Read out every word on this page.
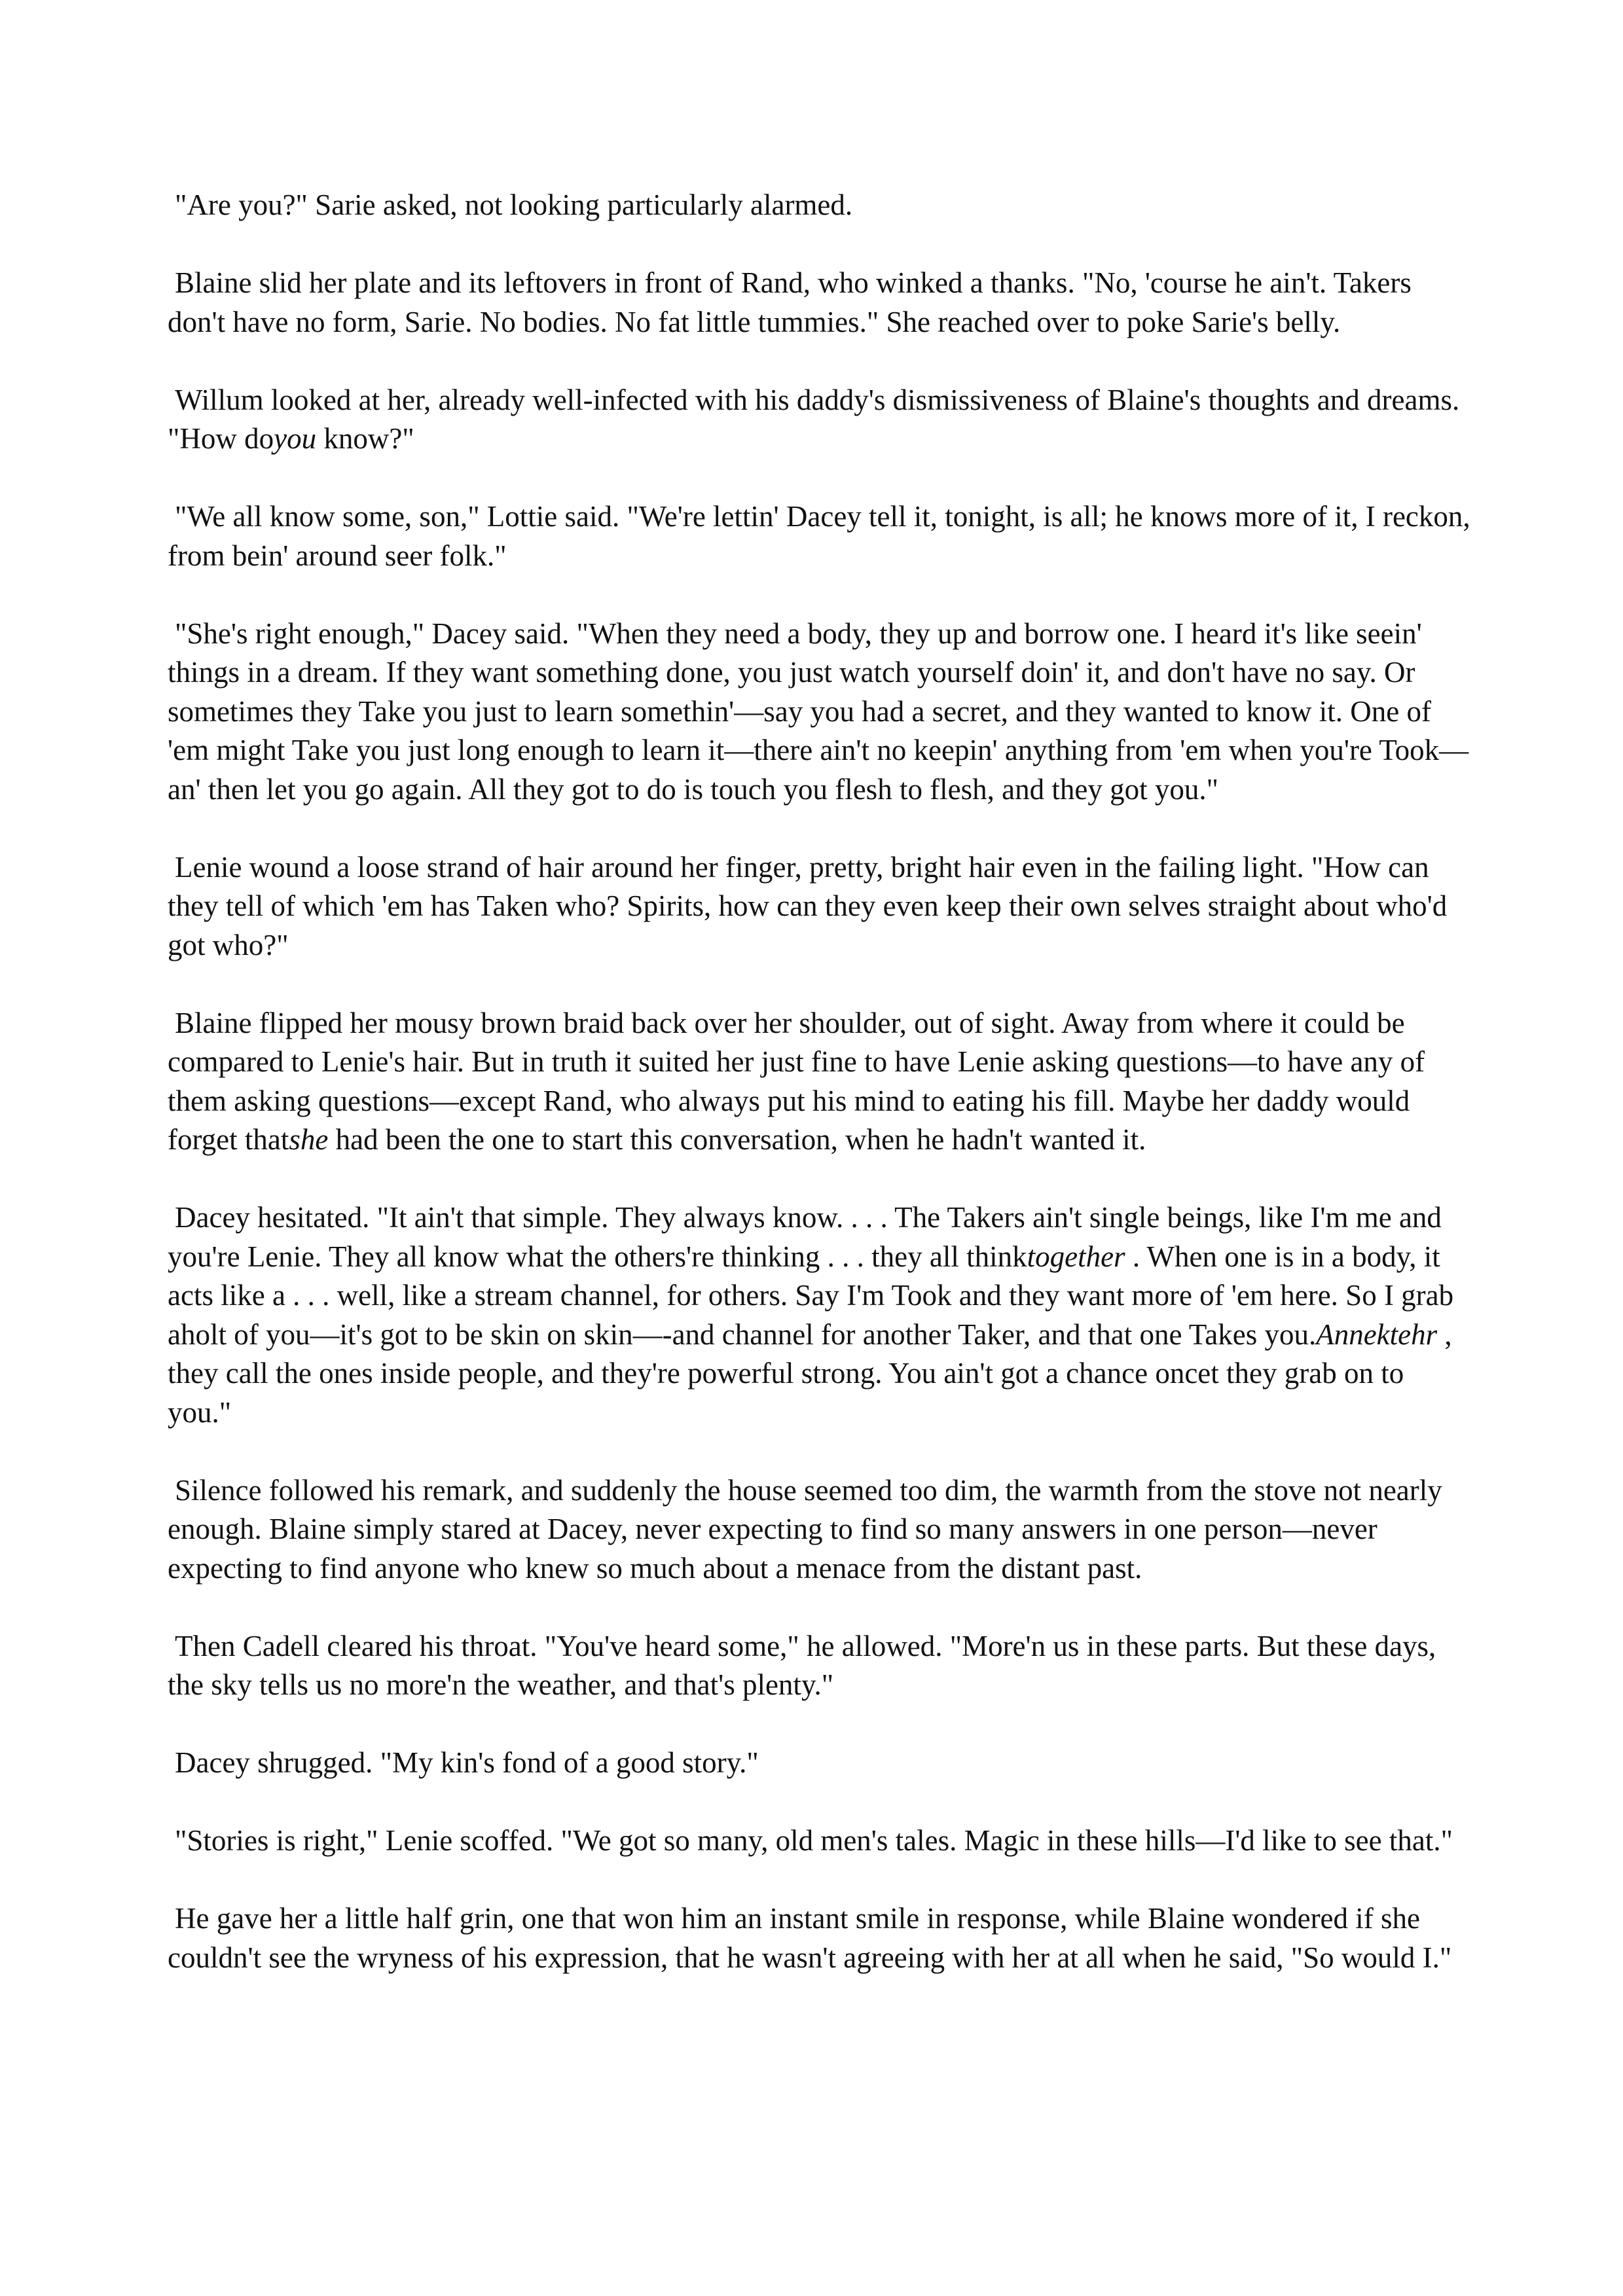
"Are you?" Sarie asked, not looking particularly alarmed.

Blaine slid her plate and its leftovers in front of Rand, who winked a thanks. "No, 'course he ain't. Takers don't have no form, Sarie. No bodies. No fat little tummies." She reached over to poke Sarie's belly.

Willum looked at her, already well-infected with his daddy's dismissiveness of Blaine's thoughts and dreams. "How doyou know?"

"We all know some, son," Lottie said. "We're lettin' Dacey tell it, tonight, is all; he knows more of it, I reckon, from bein' around seer folk."

"She's right enough," Dacey said. "When they need a body, they up and borrow one. I heard it's like seein' things in a dream. If they want something done, you just watch yourself doin' it, and don't have no say. Or sometimes they Take you just to learn somethin'—say you had a secret, and they wanted to know it. One of 'em might Take you just long enough to learn it—there ain't no keepin' anything from 'em when you're Took—an' then let you go again. All they got to do is touch you flesh to flesh, and they got you."

Lenie wound a loose strand of hair around her finger, pretty, bright hair even in the failing light. "How can they tell of which 'em has Taken who? Spirits, how can they even keep their own selves straight about who'd got who?"

Blaine flipped her mousy brown braid back over her shoulder, out of sight. Away from where it could be compared to Lenie's hair. But in truth it suited her just fine to have Lenie asking questions—to have any of them asking questions—except Rand, who always put his mind to eating his fill. Maybe her daddy would forget thatshe had been the one to start this conversation, when he hadn't wanted it.

Dacey hesitated. "It ain't that simple. They always know. . . . The Takers ain't single beings, like I'm me and you're Lenie. They all know what the others're thinking . . . they all thinktogether . When one is in a body, it acts like a . . . well, like a stream channel, for others. Say I'm Took and they want more of 'em here. So I grab aholt of you—it's got to be skin on skin—-and channel for another Taker, and that one Takes you.Annektehr , they call the ones inside people, and they're powerful strong. You ain't got a chance oncet they grab on to you."

Silence followed his remark, and suddenly the house seemed too dim, the warmth from the stove not nearly enough. Blaine simply stared at Dacey, never expecting to find so many answers in one person—never expecting to find anyone who knew so much about a menace from the distant past.

Then Cadell cleared his throat. "You've heard some," he allowed. "More'n us in these parts. But these days, the sky tells us no more'n the weather, and that's plenty."

Dacey shrugged. "My kin's fond of a good story."

"Stories is right," Lenie scoffed. "We got so many, old men's tales. Magic in these hills—I'd like to see that."

He gave her a little half grin, one that won him an instant smile in response, while Blaine wondered if she couldn't see the wryness of his expression, that he wasn't agreeing with her at all when he said, "So would I."
